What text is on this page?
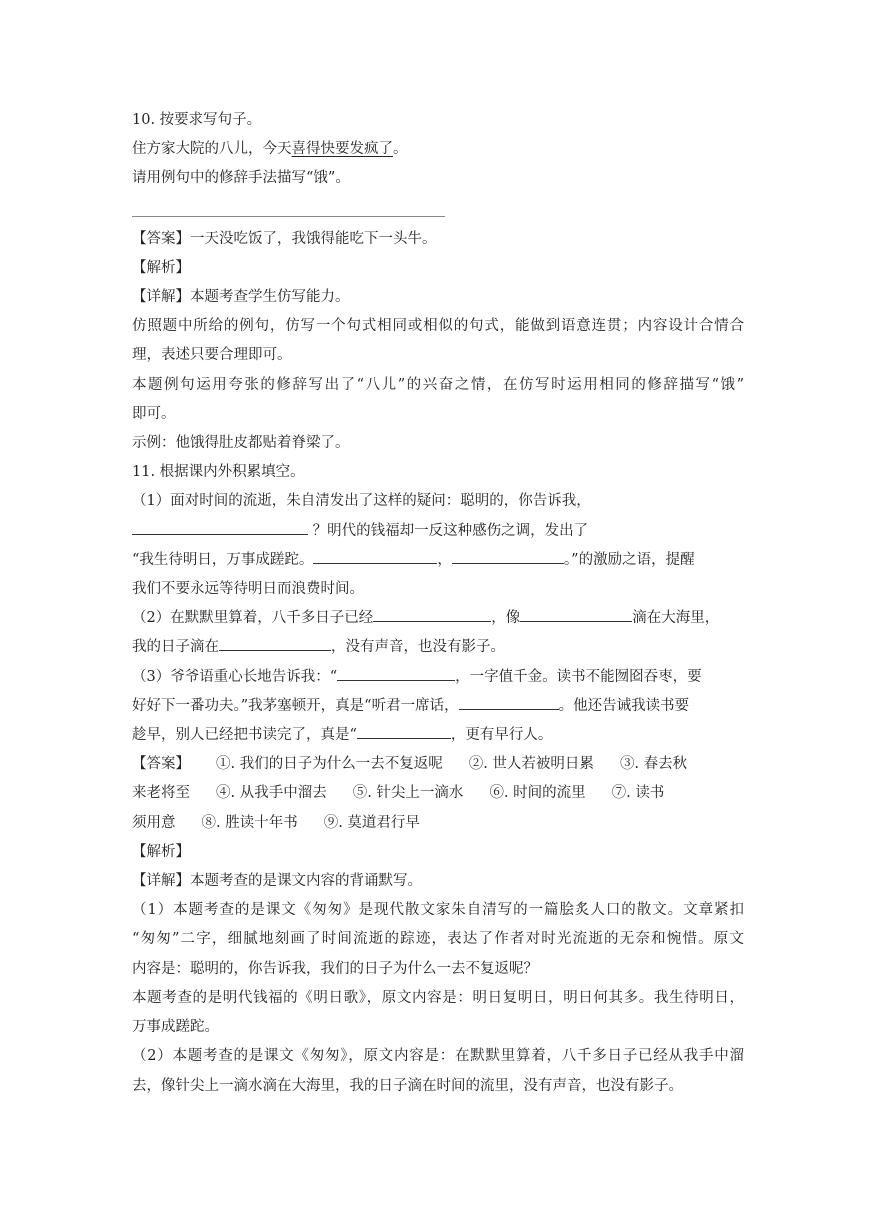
10. 按要求写句子。
住方家大院的八儿，今天喜得快要发疯了。
请用例句中的修辞手法描写“饿”。
【答案】一天没吃饭了，我饿得能吃下一头牛。
【解析】
【详解】本题考查学生仿写能力。
仿照题中所给的例句，仿写一个句式相同或相似的句式，能做到语意连贯；内容设计合情合
理，表述只要合理即可。
本题例句运用夸张的修辞写出了“八儿”的兴奋之情，在仿写时运用相同的修辞描写“饿”
即可。
示例：他饿得肚皮都贴着脊梁了。
11. 根据课内外积累填空。
（1）面对时间的流逝，朱自清发出了这样的疑问：聪明的，你告诉我，
？明代的钱福却一反这种感伤之调，发出了
“我生待明日，万事成蹉跎。	，	。”的激励之语，提醒
我们不要永远等待明日而浪费时间。
（2）在默默里算着，八千多日子已经	，像	滴在大海里，
我的日子滴在	，没有声音，也没有影子。
（3）爷爷语重心长地告诉我：“	，一字值千金。读书不能囫囵吞枣，要
好好下一番功夫。”我茅塞顿开，真是“听君一席话，	。他还告诫我读书要
趁早，别人已经把书读完了，真是“	，更有早行人。
【答案】 ①. 我们的日子为什么一去不复返呢 ②. 世人若被明日累 ③. 春去秋
来老将至 ④. 从我手中溜去 ⑤. 针尖上一滴水 ⑥. 时间的流里 ⑦. 读书
须用意 ⑧. 胜读十年书 ⑨. 莫道君行早
【解析】
【详解】本题考查的是课文内容的背诵默写。
（1）本题考查的是课文《匆匆》是现代散文家朱自清写的一篇脍炙人口的散文。文章紧扣
“匆匆”二字，细腻地刻画了时间流逝的踪迹，表达了作者对时光流逝的无奈和惋惜。原文
内容是：聪明的，你告诉我，我们的日子为什么一去不复返呢？
本题考查的是明代钱福的《明日歌》，原文内容是：明日复明日，明日何其多。我生待明日，
万事成蹉跎。
（2）本题考查的是课文《匆匆》，原文内容是：在默默里算着，八千多日子已经从我手中溜
去，像针尖上一滴水滴在大海里，我的日子滴在时间的流里，没有声音，也没有影子。
